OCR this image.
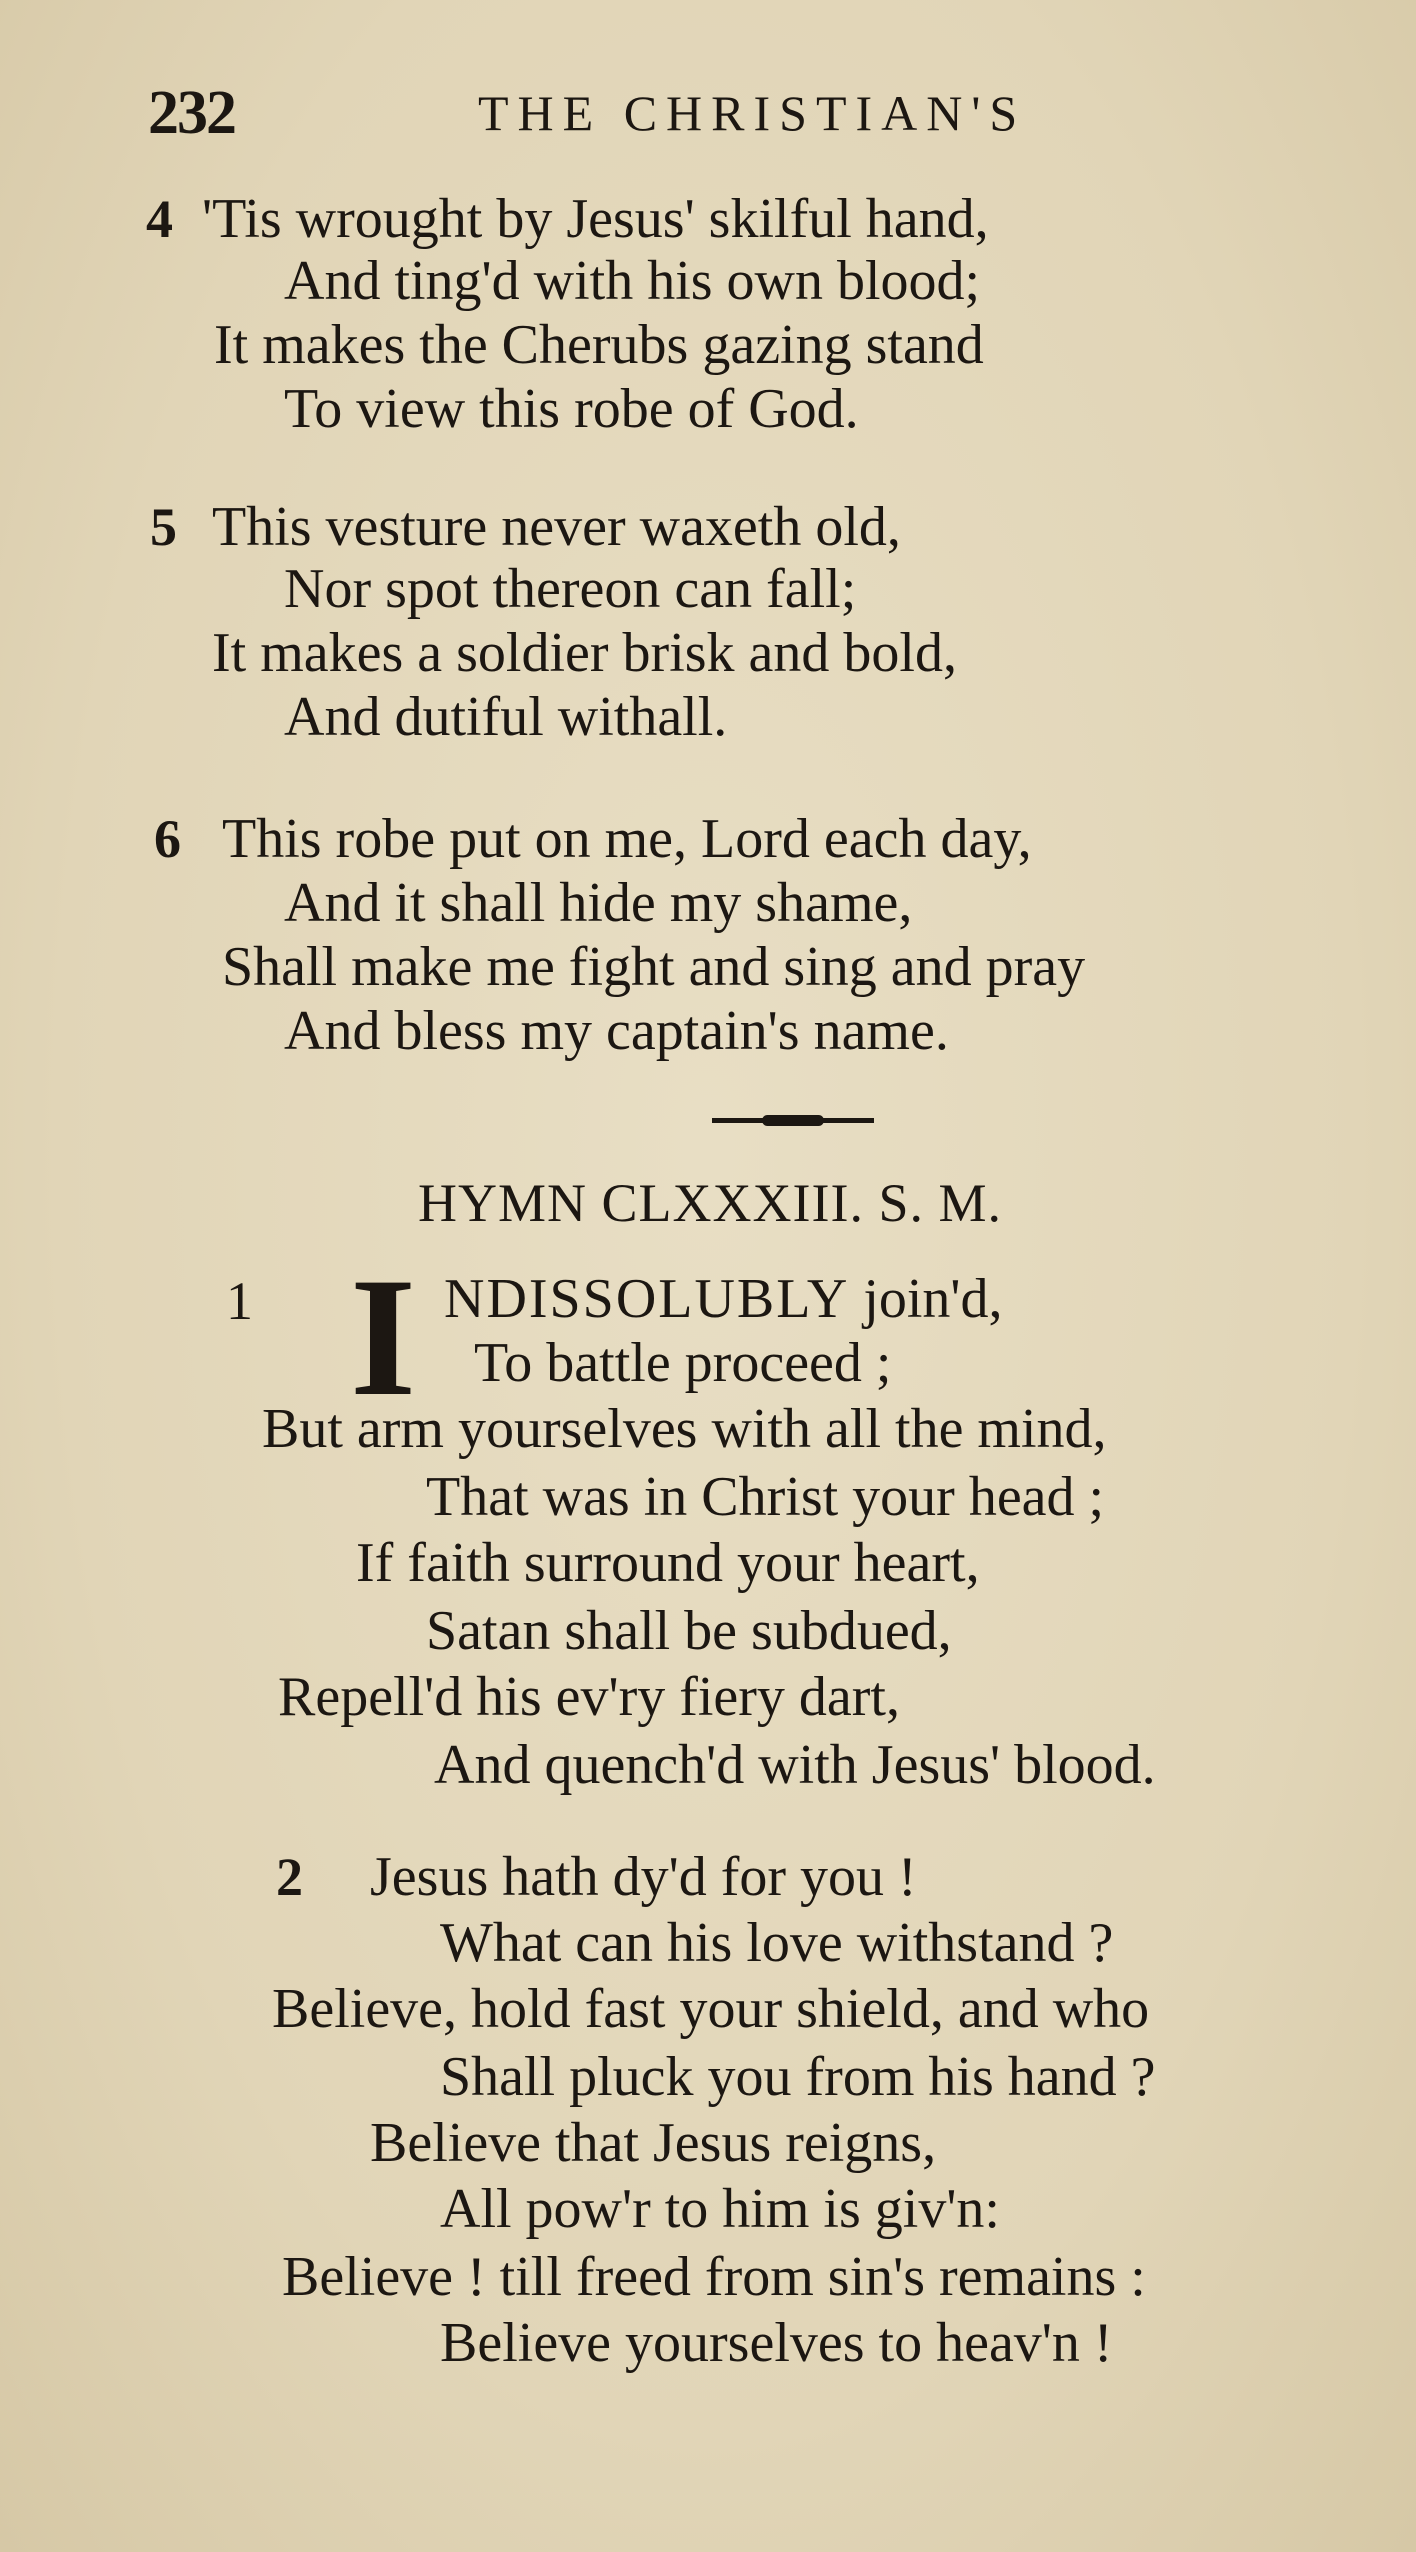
232	THE CHRISTIAN'S
4 'Tis wrought by Jesus' skilful hand,
And ting'd with his own blood;
It makes the Cherubs gazing stand
To view this robe of God.
5 This vesture never waxeth old,
Nor spot thereon can fall;
It makes a soldier brisk and bold,
And dutiful withall.
6 This robe put on me, Lord each day,
And it shall hide my shame,
Shall make me fight and sing and pray
And bless my captain's name.
HYMN CLXXXIII. S. M.
1 I NDISSOLUBLY join'd,
To battle proceed ;
But arm yourselves with all the mind,
That was in Christ your head ;
If faith surround your heart,
Satan shall be subdued,
Repell'd his ev'ry fiery dart,
And quench'd with Jesus' blood.
2 Jesus hath dy'd for you !
What can his love withstand ?
Believe, hold fast your shield, and who
Shall pluck you from his hand ?
Believe that Jesus reigns,
All pow'r to him is giv'n:
Believe ! till freed from sin's remains :
Believe yourselves to heav'n !
